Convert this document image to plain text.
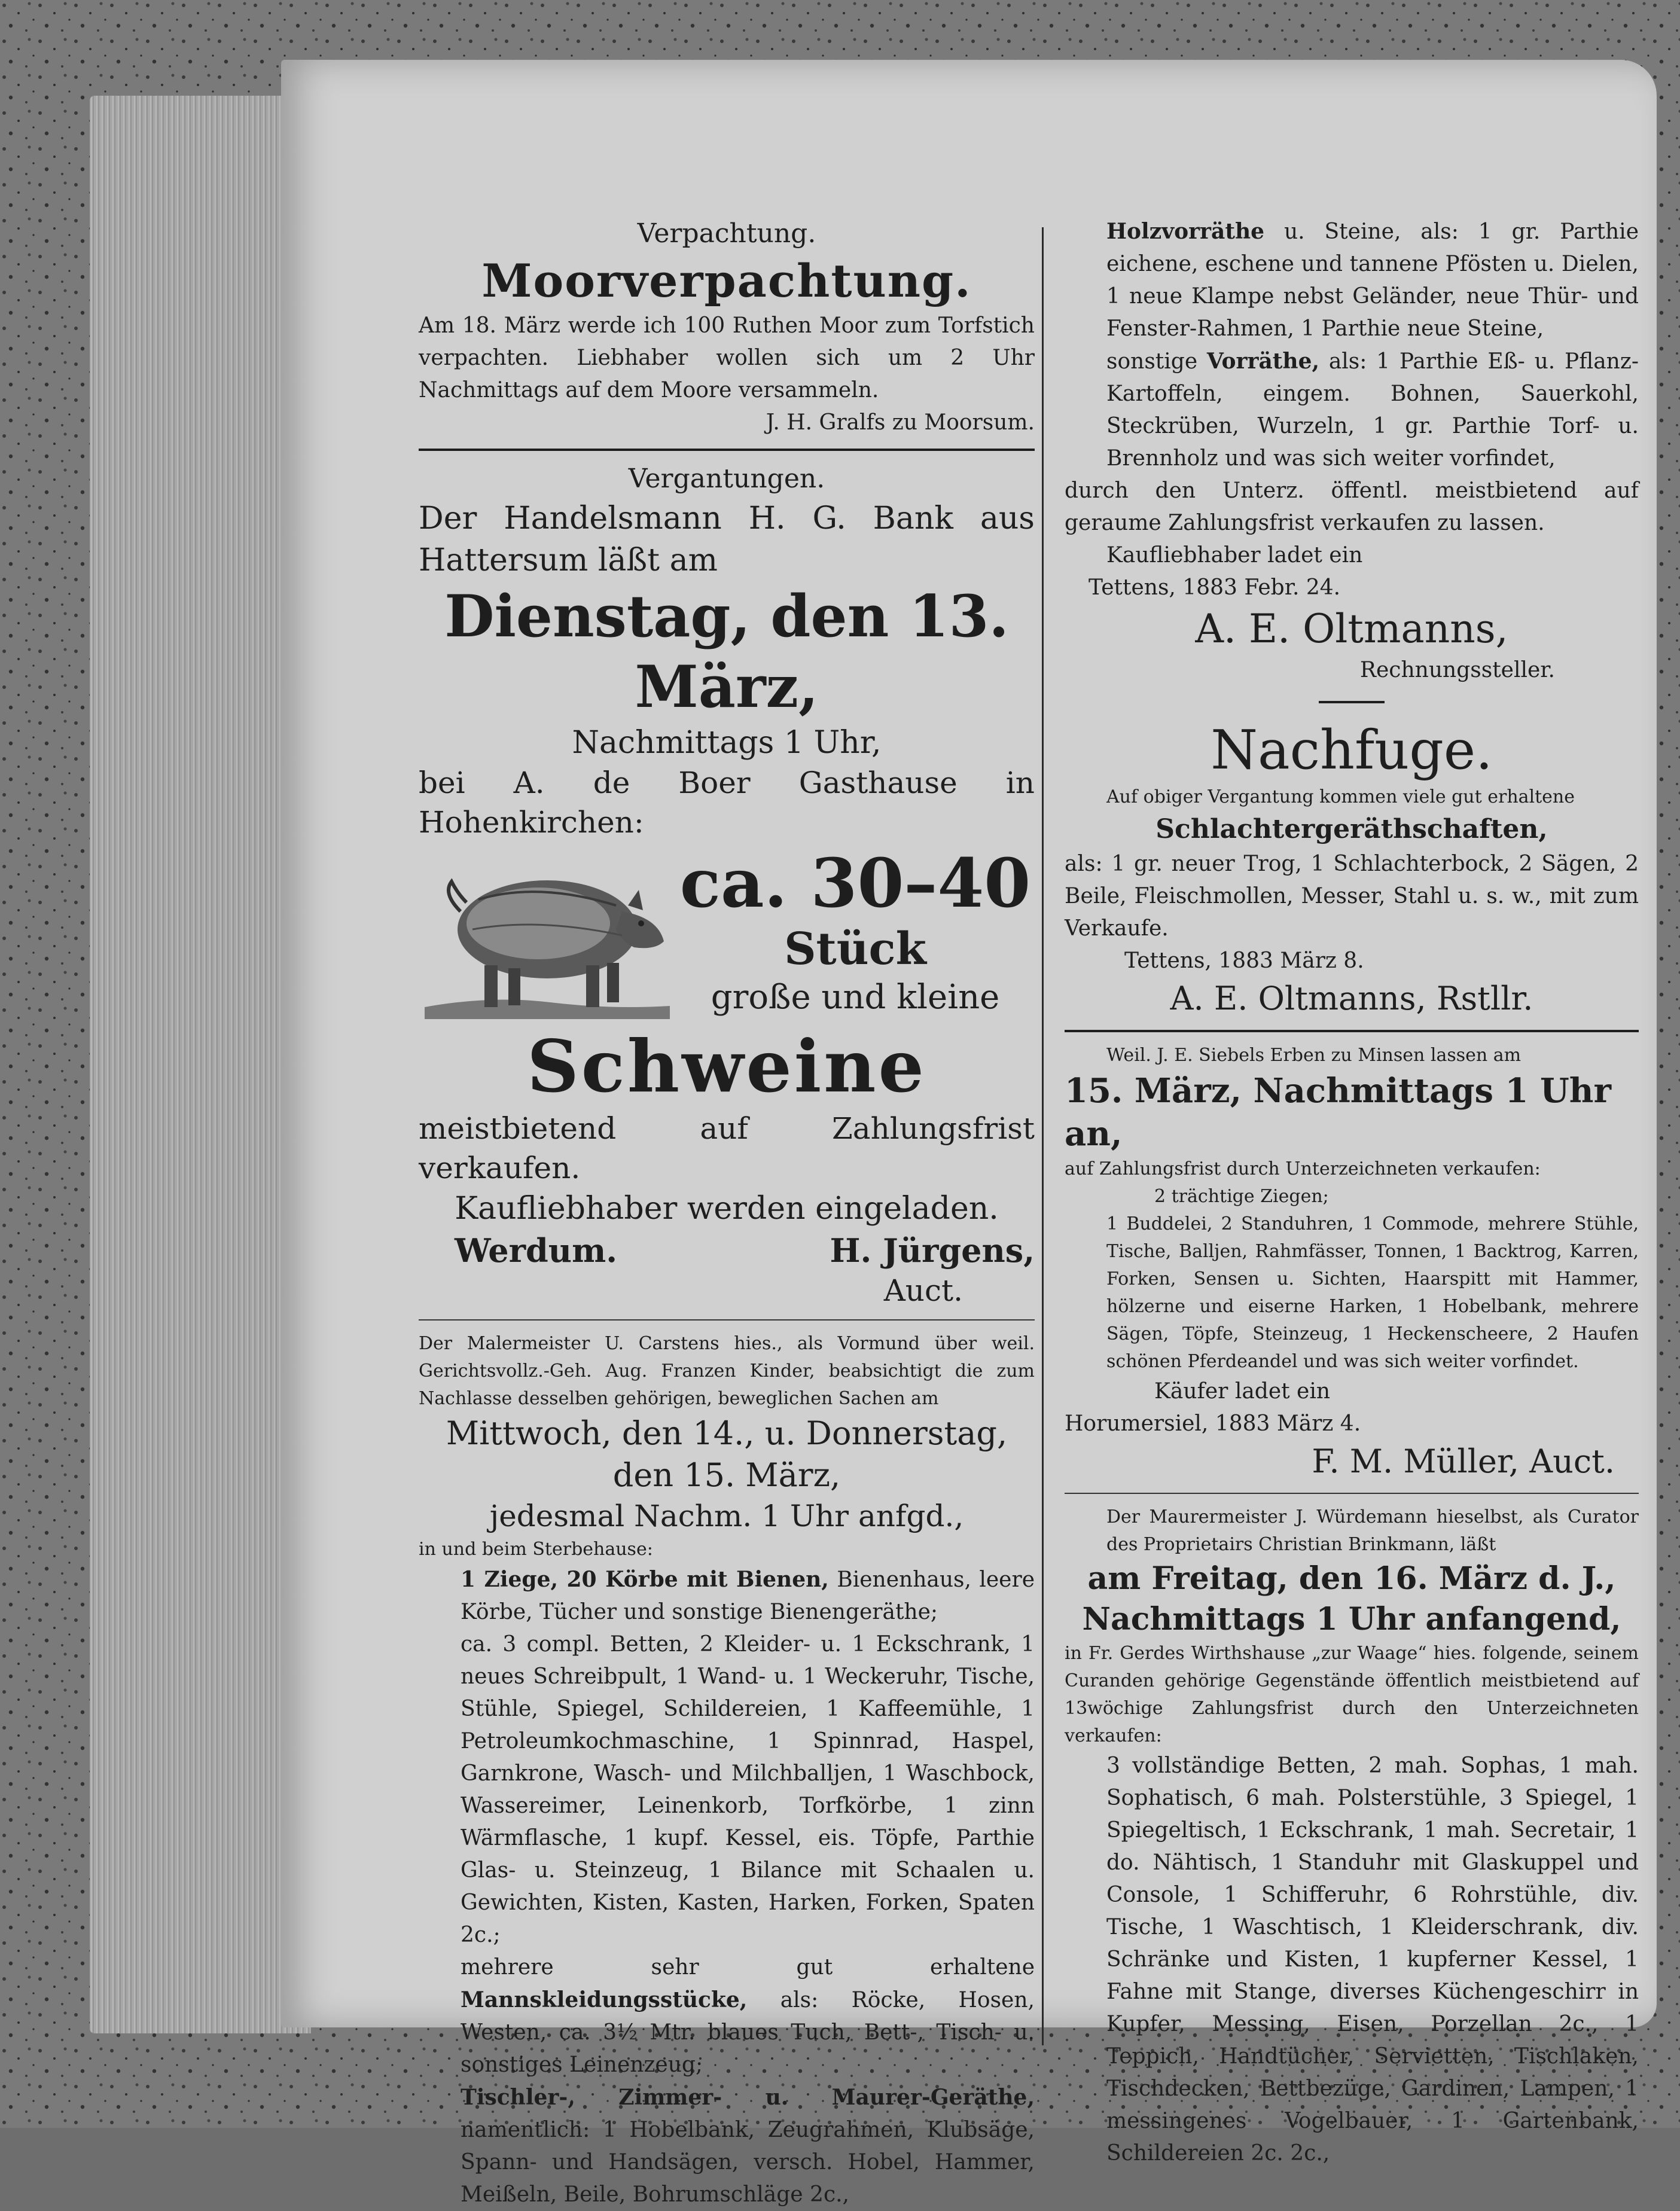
Verpachtung.

Moorverpachtung.

Am 18. März werde ich 100 Ruthen Moor zum Torfstich verpachten. Liebhaber wollen sich um 2 Uhr Nachmittags auf dem Moore versammeln.

J. H. Gralfs zu Moorsum.

Vergantungen.

Der Handelsmann H. G. Bank aus Hattersum läßt am

Dienstag, den 13. März,

Nachmittags 1 Uhr,

bei A. de Boer Gasthause in Hohenkirchen:

ca. 30–40

Stück

große und kleine

Schweine

meistbietend auf Zahlungsfrist verkaufen.

Kaufliebhaber werden eingeladen.

Werdum.	H. Jürgens,

Auct.

Der Malermeister U. Carstens hies., als Vormund über weil. Gerichtsvollz.-Geh. Aug. Franzen Kinder, beabsichtigt die zum Nachlasse desselben gehörigen, beweglichen Sachen am

Mittwoch, den 14., u. Donnerstag,

den 15. März,

jedesmal Nachm. 1 Uhr anfgd.,

in und beim Sterbehause:

1 Ziege, 20 Körbe mit Bienen, Bienenhaus, leere Körbe, Tücher und sonstige Bienengeräthe;

ca. 3 compl. Betten, 2 Kleider- u. 1 Eckschrank, 1 neues Schreibpult, 1 Wand- u. 1 Weckeruhr, Tische, Stühle, Spiegel, Schildereien, 1 Kaffeemühle, 1 Petroleumkochmaschine, 1 Spinnrad, Haspel, Garnkrone, Wasch- und Milchballjen, 1 Waschbock, Wassereimer, Leinenkorb, Torfkörbe, 1 zinn Wärmflasche, 1 kupf. Kessel, eis. Töpfe, Parthie Glas- u. Steinzeug, 1 Bilance mit Schaalen u. Gewichten, Kisten, Kasten, Harken, Forken, Spaten 2c.;

mehrere sehr gut erhaltene Mannskleidungsstücke, als: Röcke, Hosen, Westen, ca. 3½ Mtr. blaues Tuch, Bett-, Tisch- u. sonstiges Leinenzeug;

Tischler-, Zimmer- u. Maurer-Geräthe, namentlich: 1 Hobelbank, Zeugrahmen, Klubsäge, Spann- und Handsägen, versch. Hobel, Hammer, Meißeln, Beile, Bohrumschläge 2c.,

Holzvorräthe u. Steine, als: 1 gr. Parthie eichene, eschene und tannene Pfösten u. Dielen, 1 neue Klampe nebst Geländer, neue Thür- und Fenster-Rahmen, 1 Parthie neue Steine,

sonstige Vorräthe, als: 1 Parthie Eß- u. Pflanz-Kartoffeln, eingem. Bohnen, Sauerkohl, Steckrüben, Wurzeln, 1 gr. Parthie Torf- u. Brennholz und was sich weiter vorfindet,

durch den Unterz. öffentl. meistbietend auf geraume Zahlungsfrist verkaufen zu lassen.

Kaufliebhaber ladet ein

Tettens, 1883 Febr. 24.

A. E. Oltmanns,

Rechnungssteller.

Nachfuge.

Auf obiger Vergantung kommen viele gut erhaltene

Schlachtergeräthschaften,

als: 1 gr. neuer Trog, 1 Schlachterbock, 2 Sägen, 2 Beile, Fleischmollen, Messer, Stahl u. s. w., mit zum Verkaufe.

Tettens, 1883 März 8.

A. E. Oltmanns, Rstllr.

Weil. J. E. Siebels Erben zu Minsen lassen am

15. März, Nachmittags 1 Uhr an,

auf Zahlungsfrist durch Unterzeichneten verkaufen:

2 trächtige Ziegen;

1 Buddelei, 2 Standuhren, 1 Commode, mehrere Stühle, Tische, Balljen, Rahmfässer, Tonnen, 1 Backtrog, Karren, Forken, Sensen u. Sichten, Haarspitt mit Hammer, hölzerne und eiserne Harken, 1 Hobelbank, mehrere Sägen, Töpfe, Steinzeug, 1 Heckenscheere, 2 Haufen schönen Pferdeandel und was sich weiter vorfindet.

Käufer ladet ein

Horumersiel, 1883 März 4.

F. M. Müller, Auct.

Der Maurermeister J. Würdemann hieselbst, als Curator des Proprietairs Christian Brinkmann, läßt

am Freitag, den 16. März d. J.,

Nachmittags 1 Uhr anfangend,

in Fr. Gerdes Wirthshause „zur Waage“ hies. folgende, seinem Curanden gehörige Gegenstände öffentlich meistbietend auf 13wöchige Zahlungsfrist durch den Unterzeichneten verkaufen:

3 vollständige Betten, 2 mah. Sophas, 1 mah. Sophatisch, 6 mah. Polsterstühle, 3 Spiegel, 1 Spiegeltisch, 1 Eckschrank, 1 mah. Secretair, 1 do. Nähtisch, 1 Standuhr mit Glaskuppel und Console, 1 Schifferuhr, 6 Rohrstühle, div. Tische, 1 Waschtisch, 1 Kleiderschrank, div. Schränke und Kisten, 1 kupferner Kessel, 1 Fahne mit Stange, diverses Küchengeschirr in Kupfer, Messing, Eisen, Porzellan 2c., 1 Teppich, Handtücher, Servietten, Tischlaken, Tischdecken, Bettbezüge, Gardinen, Lampen, 1 messingenes Vogelbauer, 1 Gartenbank, Schildereien 2c. 2c.,
